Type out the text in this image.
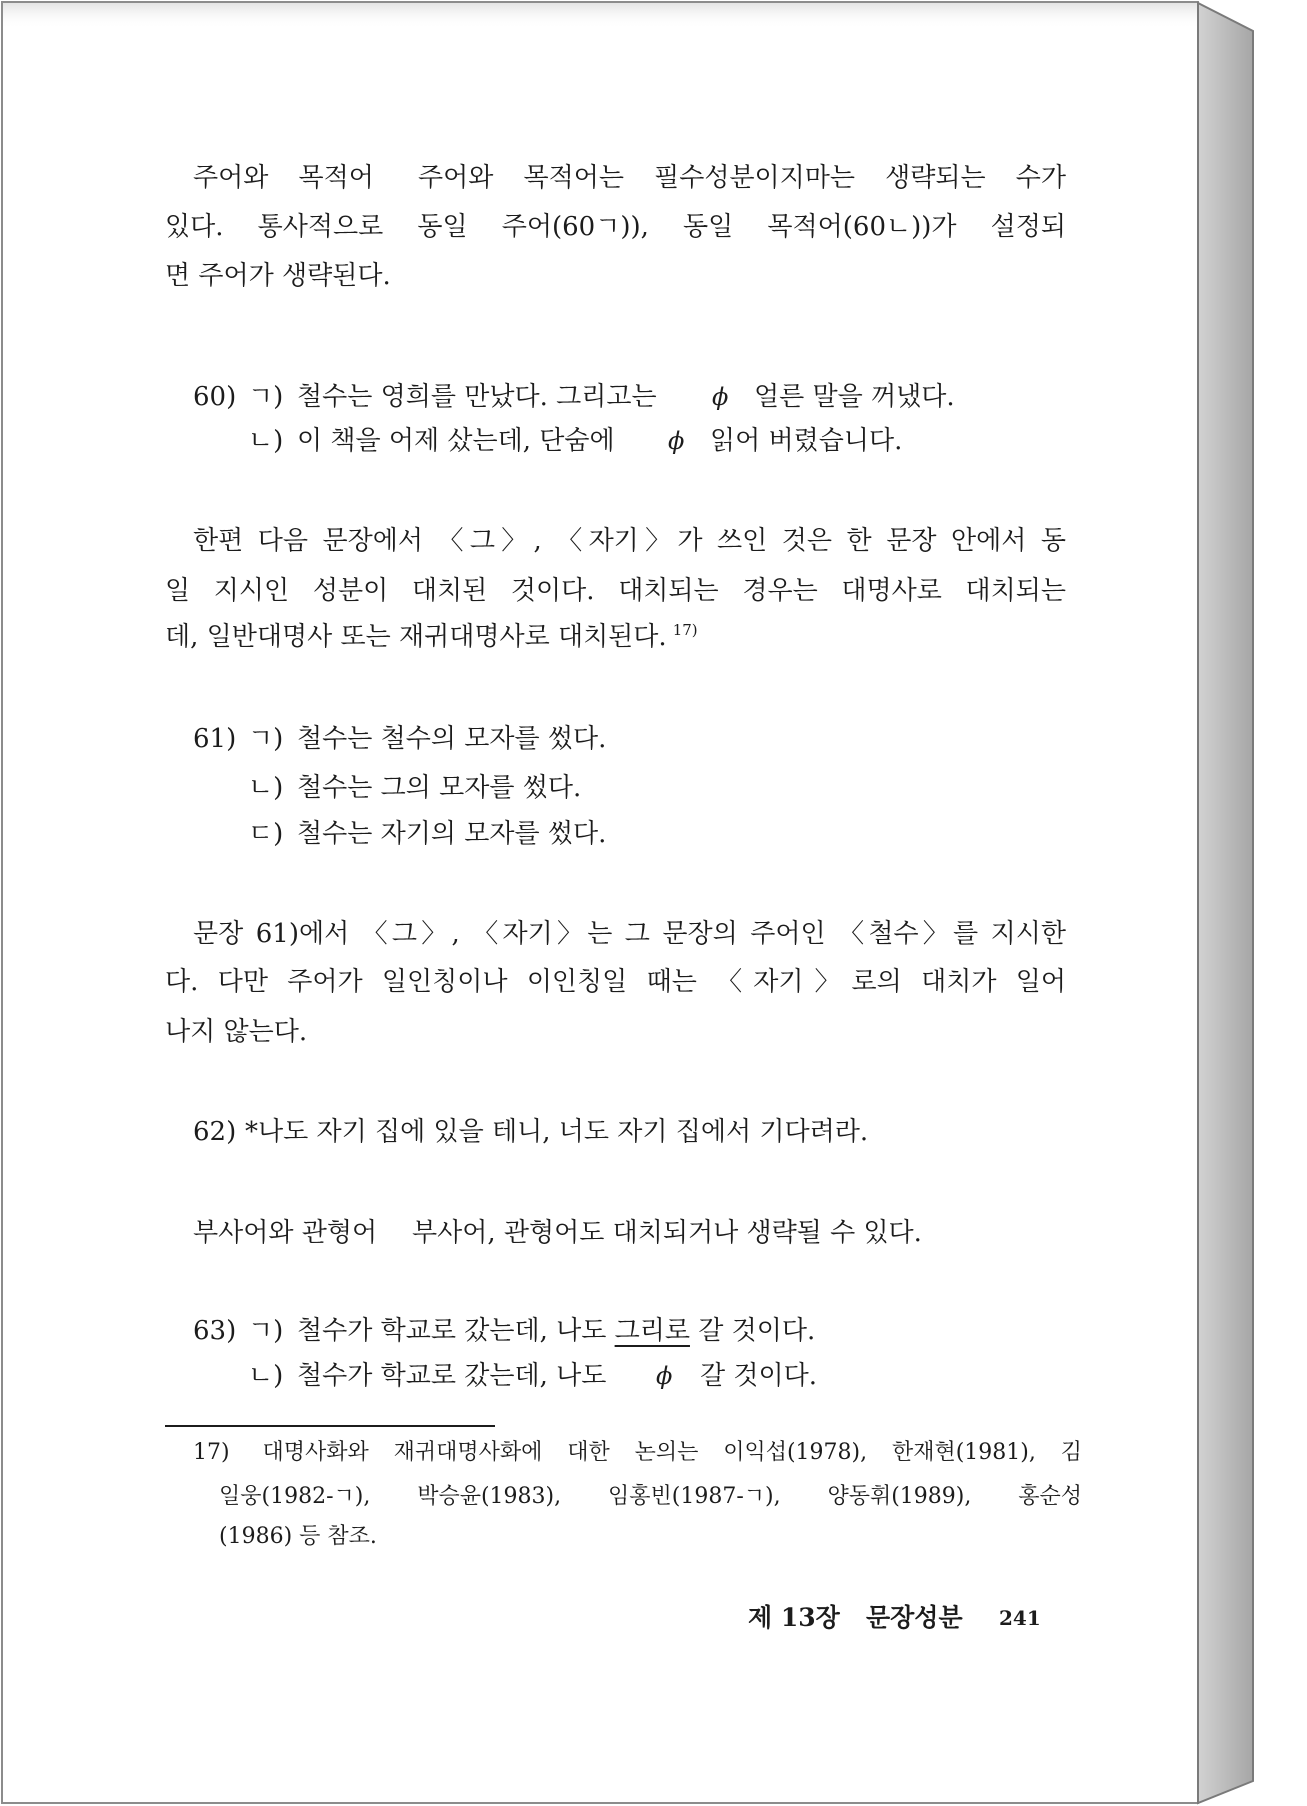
주어와 목적어 주어와 목적어는 필수성분이지마는 생략되는 수가
있다. 통사적으로 동일 주어(60ㄱ)), 동일 목적어(60ㄴ))가 설정되
면 주어가 생략된다.
60) ㄱ) 철수는 영희를 만났다. 그리고는 ϕ 얼른 말을 꺼냈다.
ㄴ) 이 책을 어제 샀는데, 단숨에 ϕ 읽어 버렸습니다.
한편 다음 문장에서 〈그〉, 〈자기〉가 쓰인 것은 한 문장 안에서 동
일 지시인 성분이 대치된 것이다. 대치되는 경우는 대명사로 대치되는
데, 일반대명사 또는 재귀대명사로 대치된다. $^{17)}$
61) ㄱ) 철수는 철수의 모자를 썼다.
ㄴ) 철수는 그의 모자를 썼다.
ㄷ) 철수는 자기의 모자를 썼다.
문장 61)에서 〈그〉, 〈자기〉는 그 문장의 주어인 〈철수〉를 지시한
다. 다만 주어가 일인칭이나 이인칭일 때는 〈자기〉로의 대치가 일어
나지 않는다.
62) *나도 자기 집에 있을 테니, 너도 자기 집에서 기다려라.
부사어와 관형어 부사어, 관형어도 대치되거나 생략될 수 있다.
63) ㄱ) 철수가 학교로 갔는데, 나도 그리로 갈 것이다.
ㄴ) 철수가 학교로 갔는데, 나도 ϕ 갈 것이다.
17) 대명사화와 재귀대명사화에 대한 논의는 이익섭(1978), 한재현(1981), 김
일웅(1982-ㄱ), 박승윤(1983), 임홍빈(1987-ㄱ), 양동휘(1989), 홍순성
(1986) 등 참조.
제 13장 문장성분 241
